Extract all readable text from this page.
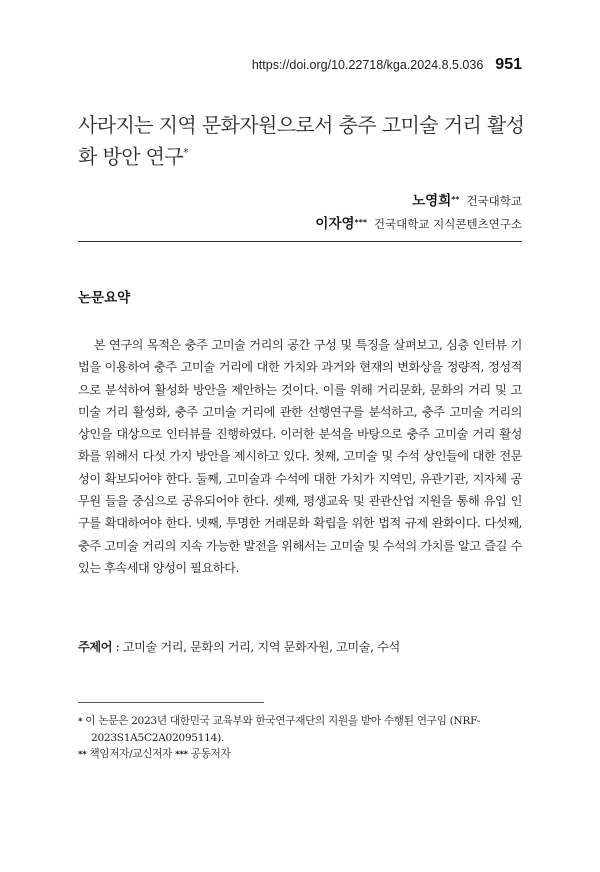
https://doi.org/10.22718/kga.2024.8.5.036 951
사라지는 지역 문화자원으로서 충주 고미술 거리 활성화 방안 연구*
노영희** 건국대학교
이자영*** 건국대학교 지식콘텐츠연구소
논문요약

본 연구의 목적은 충주 고미술 거리의 공간 구성 및 특징을 살펴보고, 심층 인터뷰 기법을 이용하여 충주 고미술 거리에 대한 가치와 과거와 현재의 변화상을 정량적, 정성적으로 분석하여 활성화 방안을 제안하는 것이다. 이를 위해 거리문화, 문화의 거리 및 고미술 거리 활성화, 충주 고미술 거리에 관한 선행연구를 분석하고, 충주 고미술 거리의 상인을 대상으로 인터뷰를 진행하였다. 이러한 분석을 바탕으로 충주 고미술 거리 활성화를 위해서 다섯 가지 방안을 제시하고 있다. 첫째, 고미술 및 수석 상인들에 대한 전문성이 확보되어야 한다. 둘째, 고미술과 수석에 대한 가치가 지역민, 유관기관, 지자체 공무원 들을 중심으로 공유되어야 한다. 셋째, 평생교육 및 관관산업 지원을 통해 유입 인구를 확대하여야 한다. 넷째, 투명한 거래문화 확립을 위한 법적 규제 완화이다. 다섯째, 충주 고미술 거리의 지속 가능한 발전을 위해서는 고미술 및 수석의 가치를 알고 즐길 수 있는 후속세대 양성이 필요하다.

주제어 : 고미술 거리, 문화의 거리, 지역 문화자원, 고미술, 수석
* 이 논문은 2023년 대한민국 교육부와 한국연구재단의 지원을 받아 수행된 연구임 (NRF-2023S1A5C2A02095114).
** 책임저자/교신저자 *** 공동저자
